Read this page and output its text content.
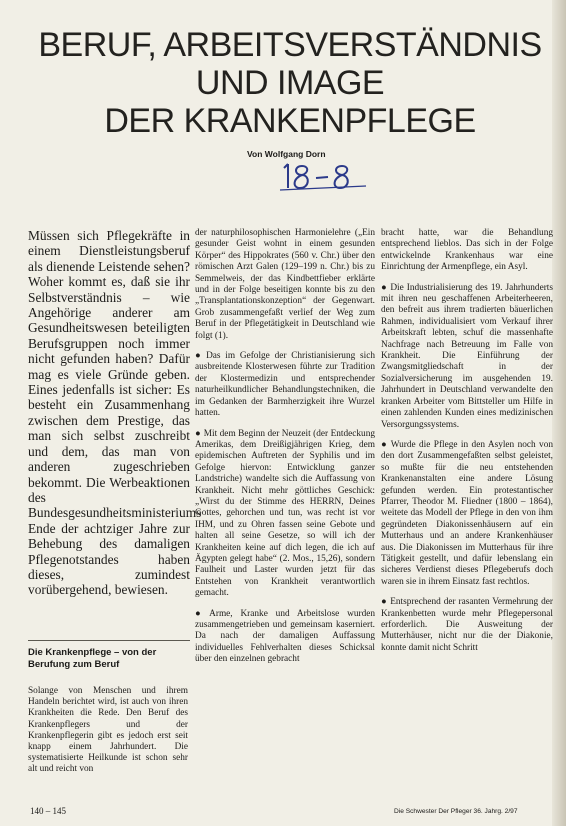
BERUF, ARBEITSVERSTÄNDNIS
UND IMAGE
DER KRANKENPFLEGE
Von Wolfgang Dorn

Müssen sich Pflegekräfte in einem Dienstleistungsberuf als dienende Leistende sehen? Woher kommt es, daß sie ihr Selbstverständnis – wie Angehörige anderer am Gesundheitswesen beteiligten Berufsgruppen noch immer nicht gefunden haben? Dafür mag es viele Gründe geben. Eines jedenfalls ist sicher: Es besteht ein Zusammenhang zwischen dem Prestige, das man sich selbst zuschreibt und dem, das man von anderen zugeschrieben bekommt. Die Werbeaktionen des Bundesgesundheitsministeriums Ende der achtziger Jahre zur Behebung des damaligen Pflegenotstandes haben dieses, zumindest vorübergehend, bewiesen.

Die Krankenpflege – von der Berufung zum Beruf
Solange von Menschen und ihrem Handeln berichtet wird, ist auch von ihren Krankheiten die Rede. Den Beruf des Krankenpflegers und der Krankenpflegerin gibt es jedoch erst seit knapp einem Jahrhundert. Die systematisierte Heilkunde ist schon sehr alt und reicht von

der naturphilosophischen Harmonielehre („Ein gesunder Geist wohnt in einem gesunden Körper“ des Hippokrates (560 v. Chr.) über den römischen Arzt Galen (129–199 n. Chr.) bis zu Semmelweis, der das Kindbettfieber erklärte und in der Folge beseitigen konnte bis zu den „Transplantationskonzeption“ der Gegenwart. Grob zusammengefaßt verlief der Weg zum Beruf in der Pflegetätigkeit in Deutschland wie folgt (1).

● Das im Gefolge der Christianisierung sich ausbreitende Klosterwesen führte zur Tradition der Klostermedizin und entsprechender naturheilkundlicher Behandlungstechniken, die im Gedanken der Barmherzigkeit ihre Wurzel hatten.

● Mit dem Beginn der Neuzeit (der Entdeckung Amerikas, dem Dreißigjährigen Krieg, dem epidemischen Auftreten der Syphilis und im Gefolge hiervon: Entwicklung ganzer Landstriche) wandelte sich die Auffassung von Krankheit. Nicht mehr göttliches Geschick: „Wirst du der Stimme des HERRN, Deines Gottes, gehorchen und tun, was recht ist vor IHM, und zu Ohren fassen seine Gebote und halten all seine Gesetze, so will ich der Krankheiten keine auf dich legen, die ich auf Ägypten gelegt habe“ (2. Mos., 15,26), sondern Faulheit und Laster wurden jetzt für das Entstehen von Krankheit verantwortlich gemacht.

● Arme, Kranke und Arbeitslose wurden zusammengetrieben und gemeinsam kaserniert. Da nach der damaligen Auffassung individuelles Fehlverhalten dieses Schicksal über den einzelnen gebracht

bracht hatte, war die Behandlung entsprechend lieblos. Das sich in der Folge entwickelnde Krankenhaus war eine Einrichtung der Armenpflege, ein Asyl.

● Die Industrialisierung des 19. Jahrhunderts mit ihren neu geschaffenen Arbeiterheeren, den befreit aus ihrem tradierten bäuerlichen Rahmen, individualisiert vom Verkauf ihrer Arbeitskraft lebten, schuf die massenhafte Nachfrage nach Betreuung im Falle von Krankheit. Die Einführung der Zwangsmitgliedschaft in der Sozialversicherung im ausgehenden 19. Jahrhundert in Deutschland verwandelte den kranken Arbeiter vom Bittsteller um Hilfe in einen zahlenden Kunden eines medizinischen Versorgungssystems.

● Wurde die Pflege in den Asylen noch von den dort Zusammengefaßten selbst geleistet, so mußte für die neu entstehenden Krankenanstalten eine andere Lösung gefunden werden. Ein protestantischer Pfarrer, Theodor M. Fliedner (1800 – 1864), weitete das Modell der Pflege in den von ihm gegründeten Diakonissenhäusern auf ein Mutterhaus und an andere Krankenhäuser aus. Die Diakonissen im Mutterhaus für ihre Tätigkeit gestellt, und dafür lebenslang ein sicheres Verdienst dieses Pflegeberufs doch waren sie in ihrem Einsatz fast rechtlos.

● Entsprechend der rasanten Vermehrung der Krankenbetten wurde mehr Pflegepersonal erforderlich. Die Ausweitung der Mutterhäuser, nicht nur die der Diakonie, konnte damit nicht Schritt

140 – 145	Die Schwester Der Pfleger 36. Jahrg. 2/97
